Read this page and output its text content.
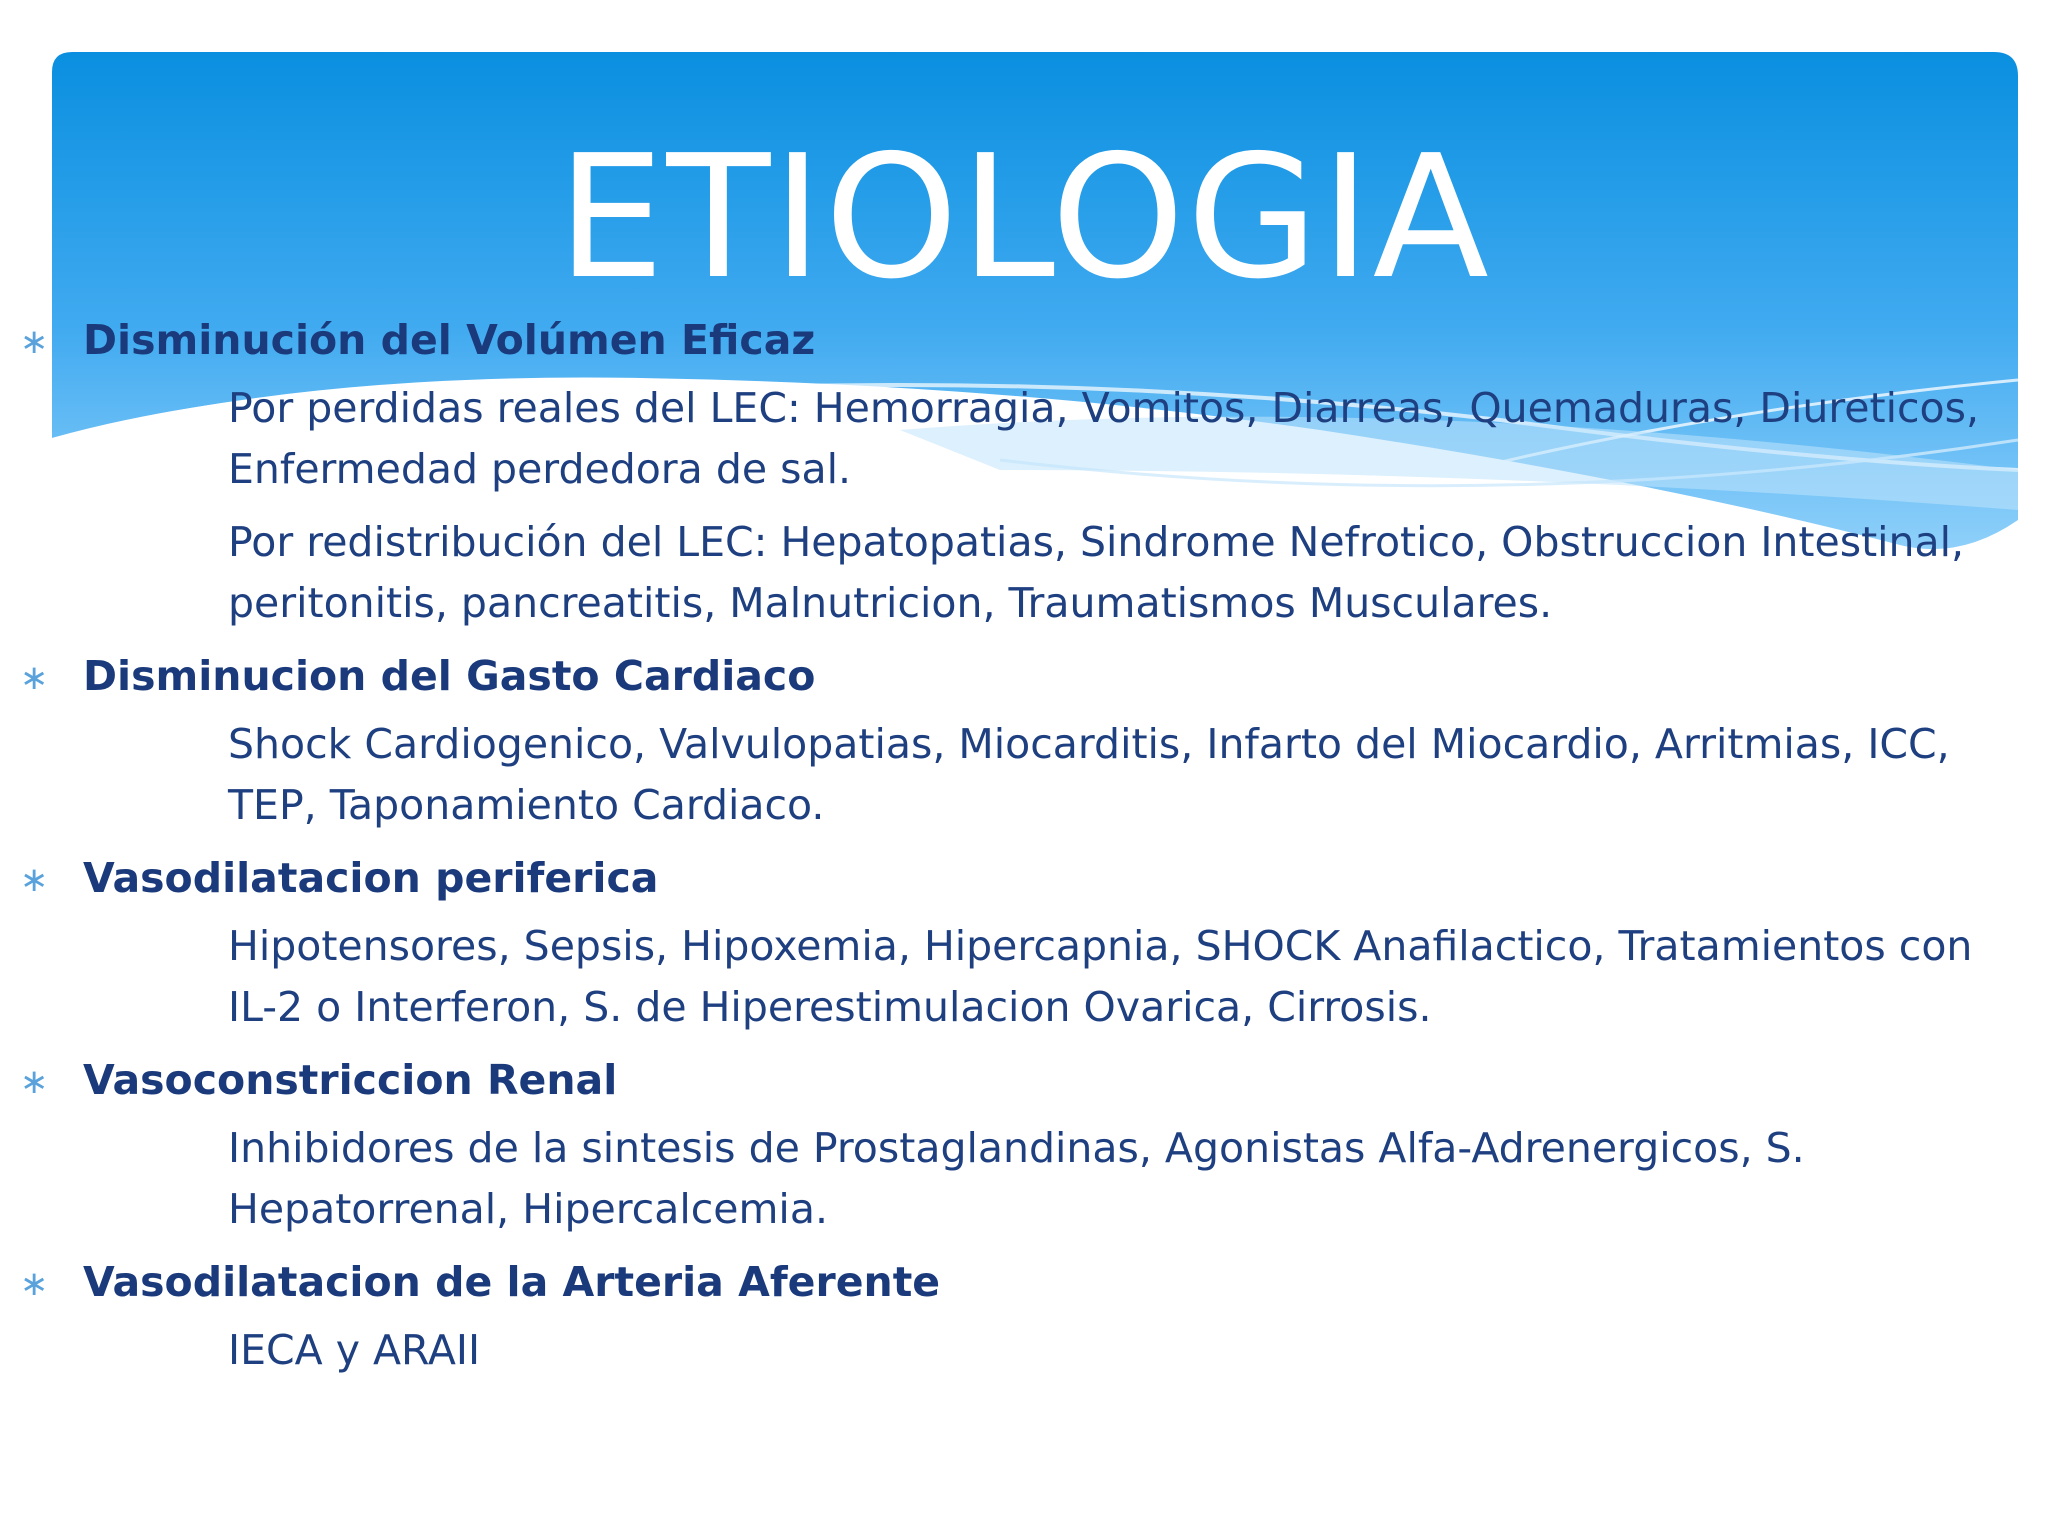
ETIOLOGIA
∗ Disminución del Volúmen Eficaz
Por perdidas reales del LEC: Hemorragia, Vomitos, Diarreas, Quemaduras, Diureticos, Enfermedad perdedora de sal.
Por redistribución del LEC: Hepatopatias, Sindrome Nefrotico, Obstruccion Intestinal, peritonitis, pancreatitis, Malnutricion, Traumatismos Musculares.
∗ Disminucion del Gasto Cardiaco
Shock Cardiogenico, Valvulopatias, Miocarditis, Infarto del Miocardio, Arritmias, ICC, TEP, Taponamiento Cardiaco.
∗ Vasodilatacion periferica
Hipotensores, Sepsis, Hipoxemia, Hipercapnia, SHOCK Anafilactico, Tratamientos con IL-2 o Interferon, S. de Hiperestimulacion Ovarica, Cirrosis.
∗ Vasoconstriccion Renal
Inhibidores de la sintesis de Prostaglandinas, Agonistas Alfa-Adrenergicos, S. Hepatorrenal, Hipercalcemia.
∗ Vasodilatacion de la Arteria Aferente
IECA y ARAII
